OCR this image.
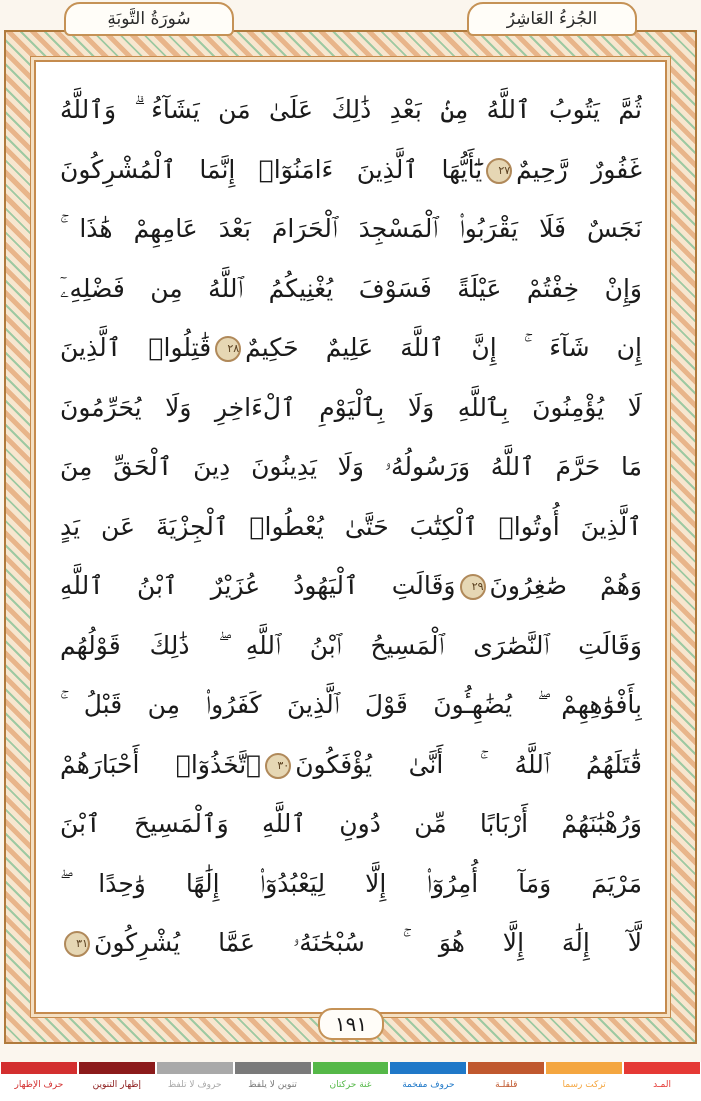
سُورَةُ التَّوبَةِ	الجُزءُ العَاشِرُ
ثُمَّ يَتُوبُ ٱللَّهُ مِنۢ بَعْدِ ذَٰلِكَ عَلَىٰ مَن يَشَآءُ ۗ وَٱللَّهُ
غَفُورٌ رَّحِيمٌ٢٧يَٰٓأَيُّهَا ٱلَّذِينَ ءَامَنُوٓا۟ إِنَّمَا ٱلْمُشْرِكُونَ
نَجَسٌ فَلَا يَقْرَبُوا۟ ٱلْمَسْجِدَ ٱلْحَرَامَ بَعْدَ عَامِهِمْ هَٰذَا ۚ
وَإِنْ خِفْتُمْ عَيْلَةً فَسَوْفَ يُغْنِيكُمُ ٱللَّهُ مِن فَضْلِهِۦٓ
إِن شَآءَ ۚ إِنَّ ٱللَّهَ عَلِيمٌ حَكِيمٌ٢٨قَٰتِلُوا۟ ٱلَّذِينَ
لَا يُؤْمِنُونَ بِٱللَّهِ وَلَا بِٱلْيَوْمِ ٱلْءَاخِرِ وَلَا يُحَرِّمُونَ
مَا حَرَّمَ ٱللَّهُ وَرَسُولُهُۥ وَلَا يَدِينُونَ دِينَ ٱلْحَقِّ مِنَ
ٱلَّذِينَ أُوتُوا۟ ٱلْكِتَٰبَ حَتَّىٰ يُعْطُوا۟ ٱلْجِزْيَةَ عَن يَدٍ
وَهُمْ صَٰغِرُونَ٢٩وَقَالَتِ ٱلْيَهُودُ عُزَيْرٌ ٱبْنُ ٱللَّهِ
وَقَالَتِ ٱلنَّصَٰرَى ٱلْمَسِيحُ ٱبْنُ ٱللَّهِ ۖ ذَٰلِكَ قَوْلُهُم
بِأَفْوَٰهِهِمْ ۖ يُضَٰهِـُٔونَ قَوْلَ ٱلَّذِينَ كَفَرُوا۟ مِن قَبْلُ ۚ
قَٰتَلَهُمُ ٱللَّهُ ۚ أَنَّىٰ يُؤْفَكُونَ٣٠ٱتَّخَذُوٓا۟ أَحْبَارَهُمْ
وَرُهْبَٰنَهُمْ أَرْبَابًا مِّن دُونِ ٱللَّهِ وَٱلْمَسِيحَ ٱبْنَ
مَرْيَمَ وَمَآ أُمِرُوٓا۟ إِلَّا لِيَعْبُدُوٓا۟ إِلَٰهًا وَٰحِدًا ۖ
لَّآ إِلَٰهَ إِلَّا هُوَ ۚ سُبْحَٰنَهُۥ عَمَّا يُشْرِكُونَ٣١
١٩١
المـد
تركت رسما
قلقلـة
حروف مفخمة
غنة حركتان
تنوين لا يلفظ
حروف لا تلفظ
إظهار التنوين
حرف الإظهار
